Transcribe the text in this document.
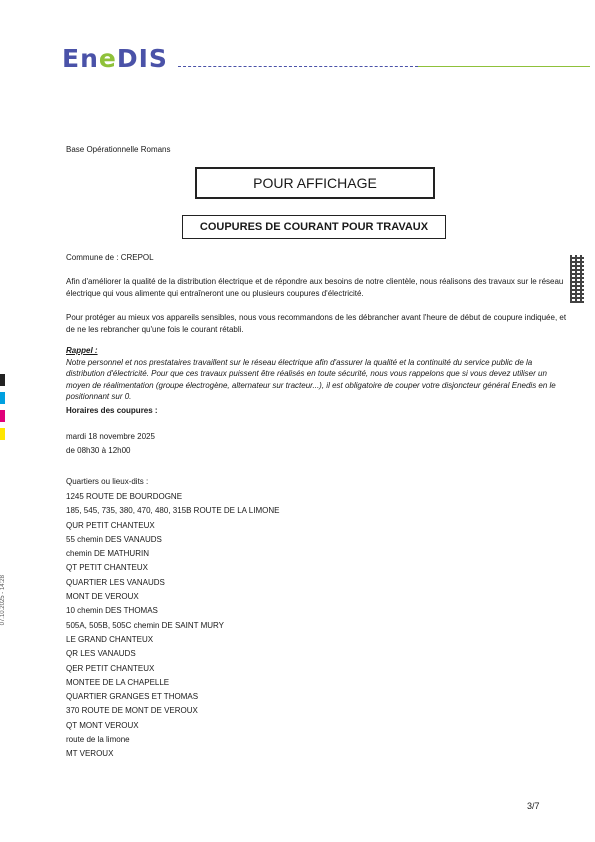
EneDIS
Base Opérationnelle Romans
POUR AFFICHAGE
COUPURES DE COURANT POUR TRAVAUX
Commune de : CREPOL
Afin d'améliorer la qualité de la distribution électrique et de répondre aux besoins de notre clientèle, nous réalisons des travaux sur le réseau électrique qui vous alimente qui entraîneront une ou plusieurs coupures d'électricité.
Pour protéger au mieux vos appareils sensibles, nous vous recommandons de les débrancher avant l'heure de début de coupure indiquée, et de ne les rebrancher qu'une fois le courant rétabli.
Rappel :
Notre personnel et nos prestataires travaillent sur le réseau électrique afin d'assurer la qualité et la continuité du service public de la distribution d'électricité. Pour que ces travaux puissent être réalisés en toute sécurité, nous vous rappelons que si vous devez utiliser un moyen de réalimentation (groupe électrogène, alternateur sur tracteur...), il est obligatoire de couper votre disjoncteur général Enedis en le positionnant sur 0.
Horaires des coupures :
mardi 18 novembre 2025
de 08h30 à 12h00
Quartiers ou lieux-dits :
1245 ROUTE DE BOURDOGNE
185, 545, 735, 380, 470, 480, 315B ROUTE DE LA LIMONE
QUR PETIT CHANTEUX
55 chemin DES VANAUDS
chemin DE MATHURIN
QT PETIT CHANTEUX
QUARTIER LES VANAUDS
MONT DE VEROUX
10 chemin DES THOMAS
505A, 505B, 505C chemin DE SAINT MURY
LE GRAND CHANTEUX
QR LES VANAUDS
QER PETIT CHANTEUX
MONTEE DE LA CHAPELLE
QUARTIER GRANGES ET THOMAS
370 ROUTE DE MONT DE VEROUX
QT MONT VEROUX
route de la limone
MT VEROUX
3/7
07.10.2025 - 14:28
